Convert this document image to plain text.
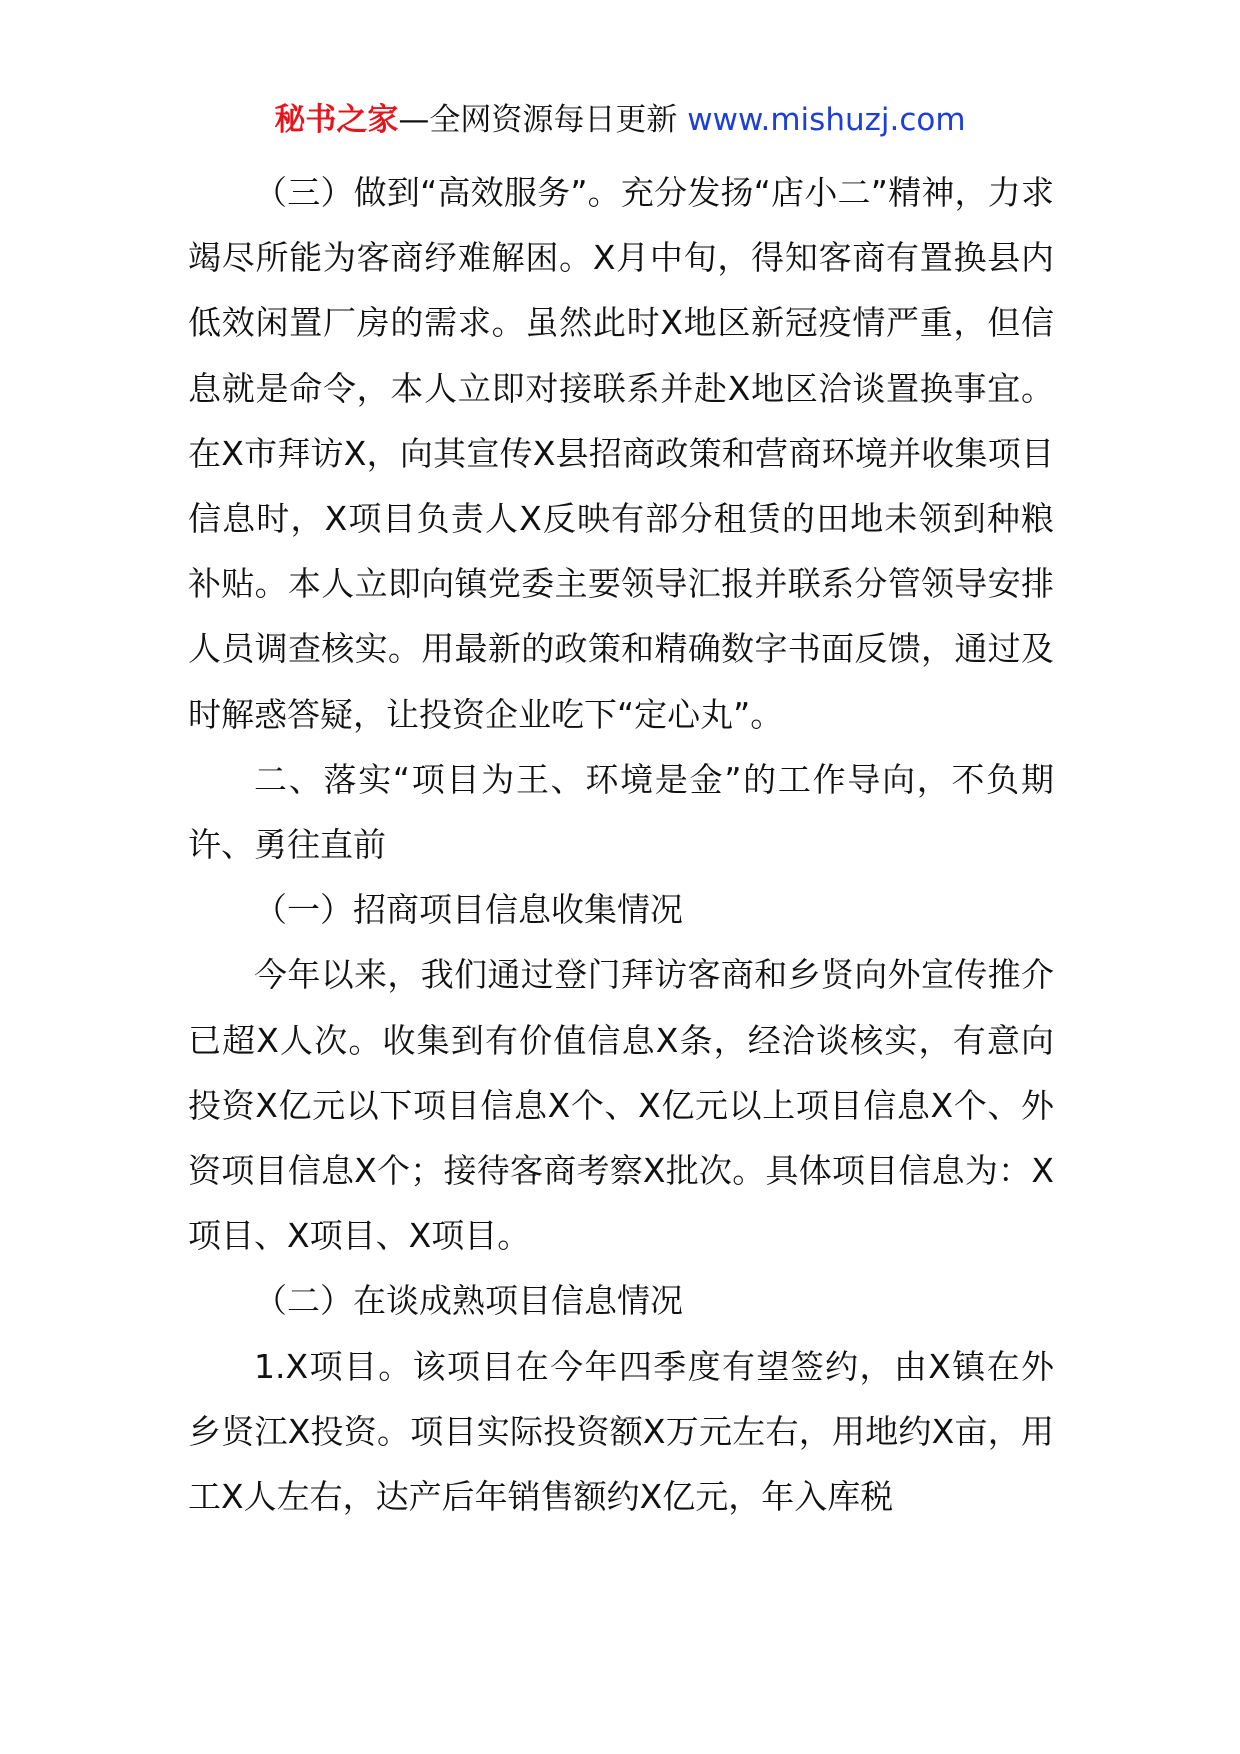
秘书之家—全网资源每日更新 www.mishuzj.com

（三）做到“高效服务”。充分发扬“店小二”精神，力求竭尽所能为客商纾难解困。X月中旬，得知客商有置换县内低效闲置厂房的需求。虽然此时X地区新冠疫情严重，但信息就是命令，本人立即对接联系并赴X地区洽谈置换事宜。在X市拜访X，向其宣传X县招商政策和营商环境并收集项目信息时，X项目负责人X反映有部分租赁的田地未领到种粮补贴。本人立即向镇党委主要领导汇报并联系分管领导安排人员调查核实。用最新的政策和精确数字书面反馈，通过及时解惑答疑，让投资企业吃下“定心丸”。

二、落实“项目为王、环境是金”的工作导向，不负期许、勇往直前

（一）招商项目信息收集情况

今年以来，我们通过登门拜访客商和乡贤向外宣传推介已超X人次。收集到有价值信息X条，经洽谈核实，有意向投资X亿元以下项目信息X个、X亿元以上项目信息X个、外资项目信息X个；接待客商考察X批次。具体项目信息为：X项目、X项目、X项目。

（二）在谈成熟项目信息情况

1.X项目。该项目在今年四季度有望签约，由X镇在外乡贤江X投资。项目实际投资额X万元左右，用地约X亩，用工X人左右，达产后年销售额约X亿元，年入库税
